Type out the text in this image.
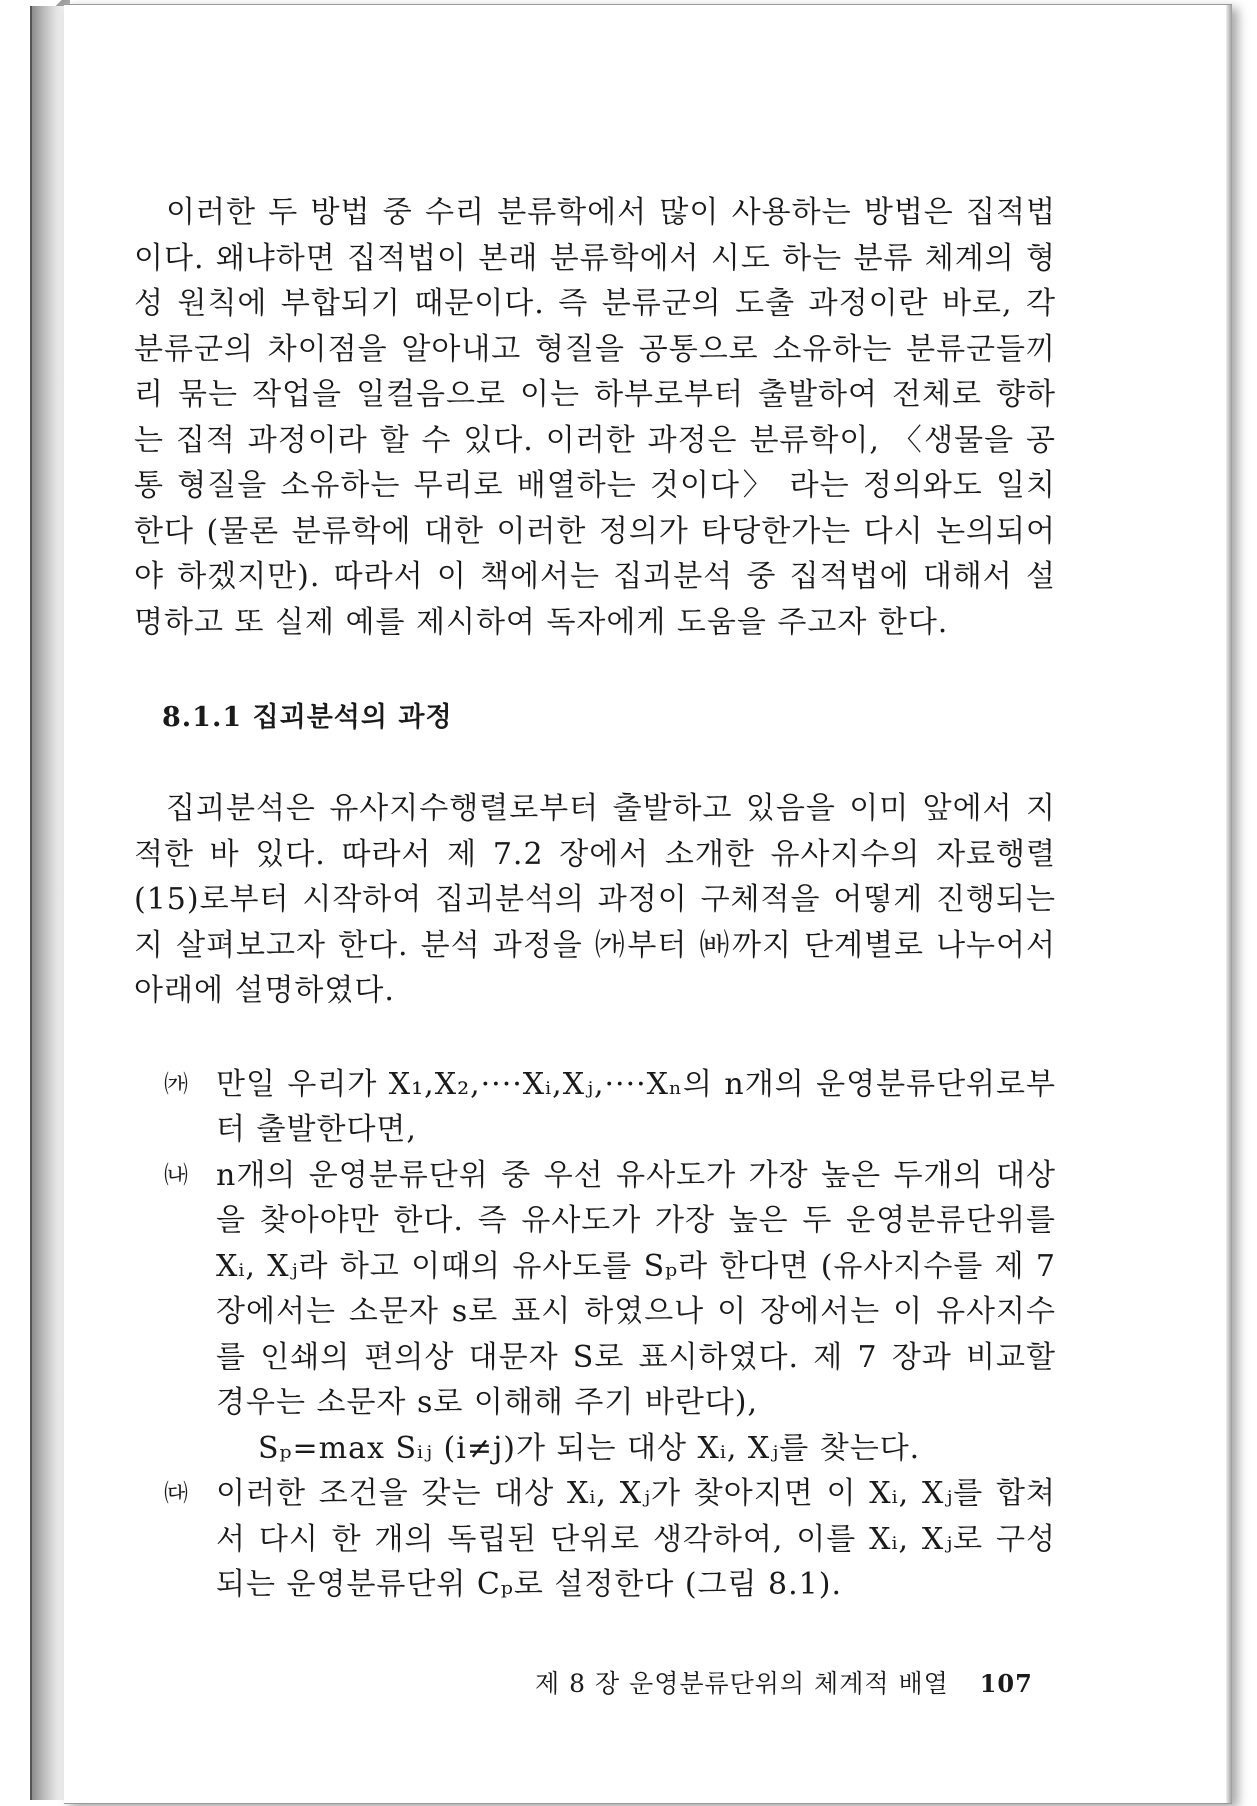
이러한 두 방법 중 수리 분류학에서 많이 사용하는 방법은 집적법이다. 왜냐하면 집적법이 본래 분류학에서 시도 하는 분류 체계의 형성 원칙에 부합되기 때문이다. 즉 분류군의 도출 과정이란 바로, 각 분류군의 차이점을 알아내고 형질을 공통으로 소유하는 분류군들끼리 묶는 작업을 일컬음으로 이는 하부로부터 출발하여 전체로 향하는 집적 과정이라 할 수 있다. 이러한 과정은 분류학이, 〈생물을 공통 형질을 소유하는 무리로 배열하는 것이다〉 라는 정의와도 일치한다 (물론 분류학에 대한 이러한 정의가 타당한가는 다시 논의되어야 하겠지만). 따라서 이 책에서는 집괴분석 중 집적법에 대해서 설명하고 또 실제 예를 제시하여 독자에게 도움을 주고자 한다.

8.1.1 집괴분석의 과정

집괴분석은 유사지수행렬로부터 출발하고 있음을 이미 앞에서 지적한 바 있다. 따라서 제 7.2 장에서 소개한 유사지수의 자료행렬 (15)로부터 시작하여 집괴분석의 과정이 구체적을 어떻게 진행되는지 살펴보고자 한다. 분석 과정을 ㈎부터 ㈓까지 단계별로 나누어서 아래에 설명하였다.

㈎ 만일 우리가 X₁,X₂,····Xᵢ,Xⱼ,····Xₙ의 n개의 운영분류단위로부터 출발한다면,
㈏ n개의 운영분류단위 중 우선 유사도가 가장 높은 두개의 대상을 찾아야만 한다. 즉 유사도가 가장 높은 두 운영분류단위를 Xᵢ, Xⱼ라 하고 이때의 유사도를 Sₚ라 한다면 (유사지수를 제 7 장에서는 소문자 s로 표시 하였으나 이 장에서는 이 유사지수를 인쇄의 편의상 대문자 S로 표시하였다. 제 7 장과 비교할 경우는 소문자 s로 이해해 주기 바란다),

Sₚ=max Sᵢⱼ (i≠j)가 되는 대상 Xᵢ, Xⱼ를 찾는다.

㈐ 이러한 조건을 갖는 대상 Xᵢ, Xⱼ가 찾아지면 이 Xᵢ, Xⱼ를 합쳐서 다시 한 개의 독립된 단위로 생각하여, 이를 Xᵢ, Xⱼ로 구성되는 운영분류단위 Cₚ로 설정한다 (그림 8.1).
제 8 장 운영분류단위의 체계적 배열 107
